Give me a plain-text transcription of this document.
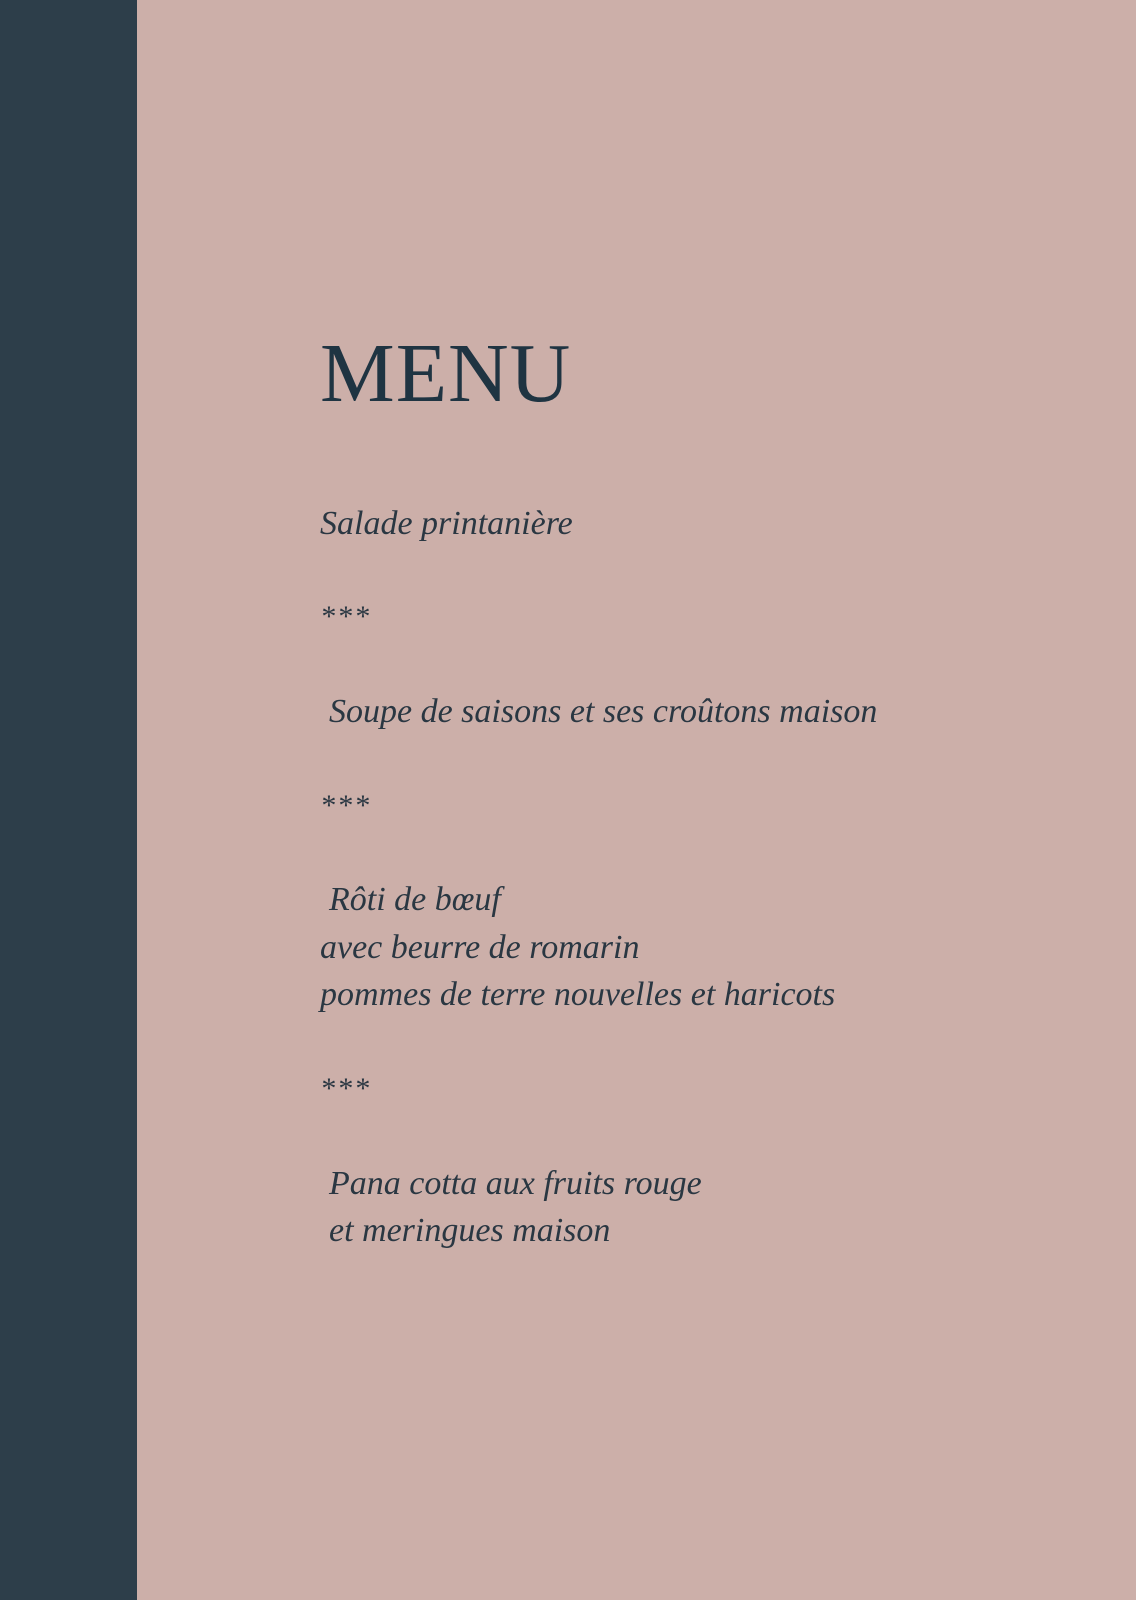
MENU
Salade printanière
***
Soupe de saisons et ses croûtons maison
***
Rôti de bœuf
avec beurre de romarin
pommes de terre nouvelles et haricots
***
Pana cotta aux fruits rouge
et meringues maison
